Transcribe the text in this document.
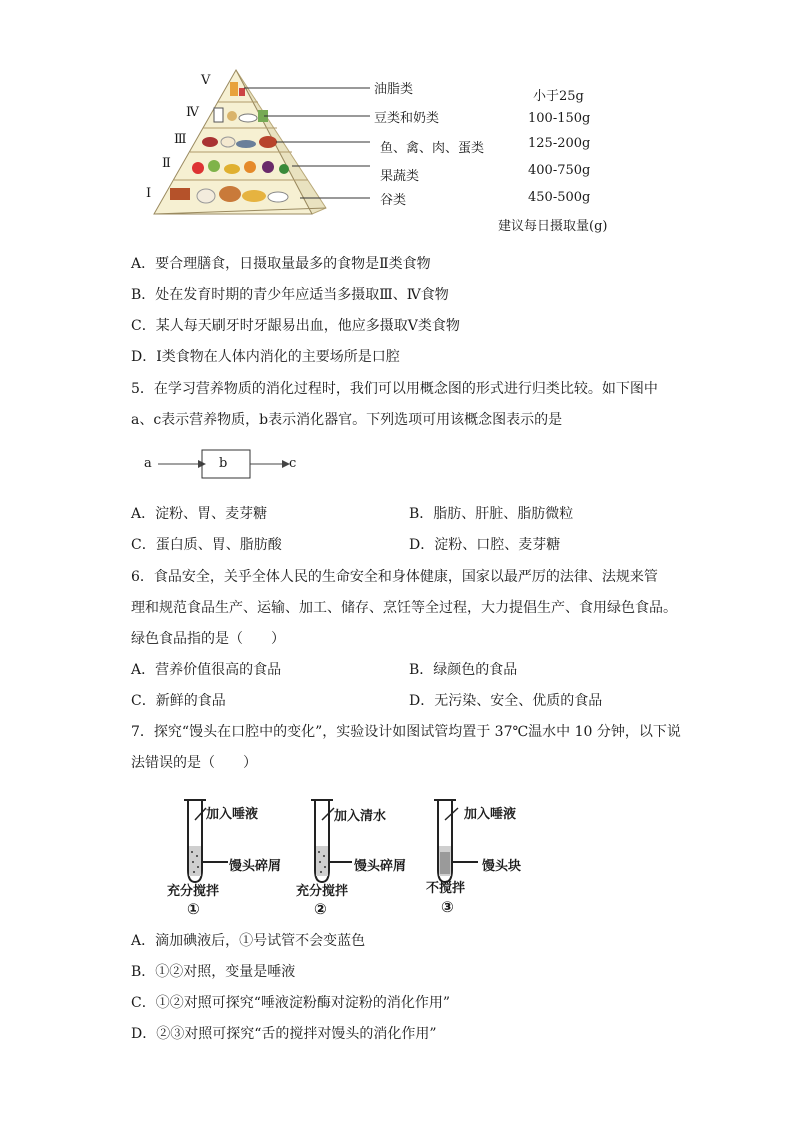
V
Ⅳ
Ⅲ
Ⅱ
Ⅰ
油脂类
豆类和奶类
鱼、禽、肉、蛋类
果蔬类
谷类
小于25g
100-150g
125-200g
400-750g
450-500g
建议每日摄取量(g)
A．要合理膳食，日摄取量最多的食物是Ⅱ类食物
B．处在发育时期的青少年应适当多摄取Ⅲ、Ⅳ食物
C．某人每天刷牙时牙龈易出血，他应多摄取Ⅴ类食物
D．Ⅰ类食物在人体内消化的主要场所是口腔
5．在学习营养物质的消化过程时，我们可以用概念图的形式进行归类比较。如下图中
a、c表示营养物质，b表示消化器官。下列选项可用该概念图表示的是
a	b	c
A．淀粉、胃、麦芽糖	B．脂肪、肝脏、脂肪微粒
C．蛋白质、胃、脂肪酸	D．淀粉、口腔、麦芽糖
6．食品安全，关乎全体人民的生命安全和身体健康，国家以最严厉的法律、法规来管
理和规范食品生产、运输、加工、储存、烹饪等全过程，大力提倡生产、食用绿色食品。
绿色食品指的是（　　）
A．营养价值很高的食品	B．绿颜色的食品
C．新鲜的食品	D．无污染、安全、优质的食品
7．探究“馒头在口腔中的变化”，实验设计如图试管均置于 37℃温水中 10 分钟，以下说
法错误的是（　　）
加入唾液
馒头碎屑
充分搅拌
①
加入清水
馒头碎屑
充分搅拌
②
加入唾液
馒头块
不搅拌
③
A．滴加碘液后，①号试管不会变蓝色
B．①②对照，变量是唾液
C．①②对照可探究“唾液淀粉酶对淀粉的消化作用”
D．②③对照可探究“舌的搅拌对馒头的消化作用”
